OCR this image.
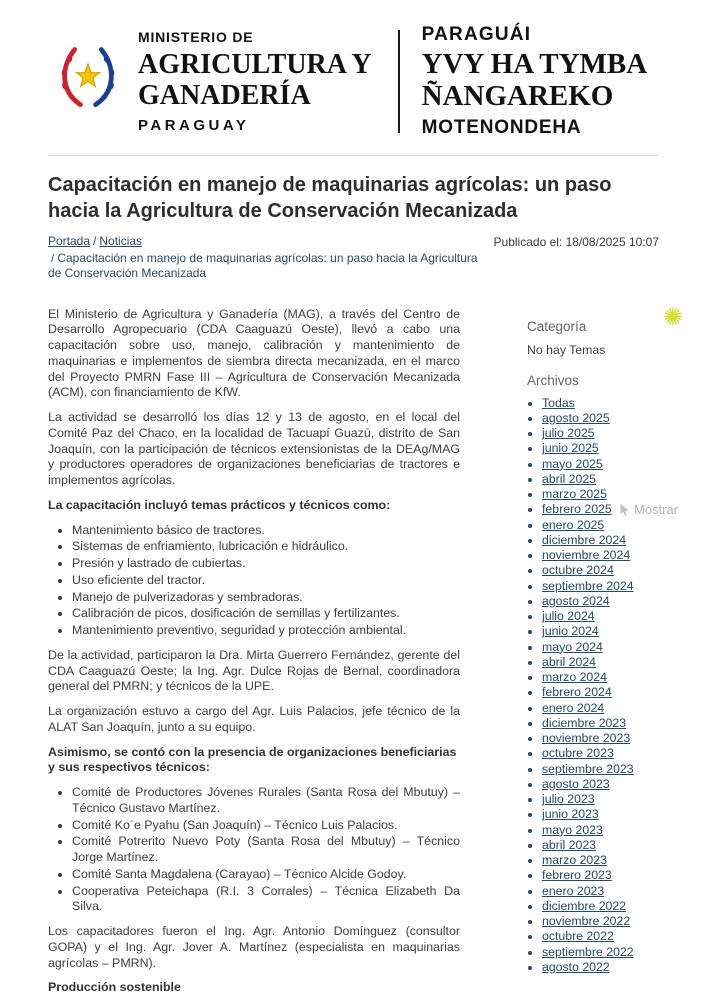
MINISTERIO DE
AGRICULTURA Y
GANADERÍA
PARAGUAY
PARAGUÁI
YVY HA TYMBA
ÑANGAREKO
MOTENONDEHA
Capacitación en manejo de maquinarias agrícolas: un paso hacia la Agricultura de Conservación Mecanizada
Portada / Noticias
/ Capacitación en manejo de maquinarias agrícolas: un paso hacia la Agricultura de Conservación Mecanizada
Publicado el: 18/08/2025 10:07

El Ministerio de Agricultura y Ganadería (MAG), a través del Centro de Desarrollo Agropecuario (CDA Caaguazú Oeste), llevó a cabo una capacitación sobre uso, manejo, calibración y mantenimiento de maquinarias e implementos de siembra directa mecanizada, en el marco del Proyecto PMRN Fase III – Agricultura de Conservación Mecanizada (ACM), con financiamiento de KfW.

La actividad se desarrolló los días 12 y 13 de agosto, en el local del Comité Paz del Chaco, en la localidad de Tacuapí Guazú, distrito de San Joaquín, con la participación de técnicos extensionistas de la DEAg/MAG y productores operadores de organizaciones beneficiarias de tractores e implementos agrícolas.

La capacitación incluyó temas prácticos y técnicos como:

• Mantenimiento básico de tractores.
• Sistemas de enfriamiento, lubricación e hidráulico.
• Presión y lastrado de cubiertas.
• Uso eficiente del tractor.
• Manejo de pulverizadoras y sembradoras.
• Calibración de picos, dosificación de semillas y fertilizantes.
• Mantenimiento preventivo, seguridad y protección ambiental.

De la actividad, participaron la Dra. Mirta Guerrero Fernández, gerente del CDA Caaguazú Oeste; la Ing. Agr. Dulce Rojas de Bernal, coordinadora general del PMRN; y técnicos de la UPE.

La organización estuvo a cargo del Agr. Luis Palacios, jefe técnico de la ALAT San Joaquín, junto a su equipo.

Asimismo, se contó con la presencia de organizaciones beneficiarias y sus respectivos técnicos:

• Comité de Productores Jóvenes Rurales (Santa Rosa del Mbutuy) – Técnico Gustavo Martínez.
• Comité Ko´e Pyahu (San Joaquín) – Técnico Luis Palacios.
• Comité Potrerito Nuevo Poty (Santa Rosa del Mbutuy) – Técnico Jorge Martínez.
• Comité Santa Magdalena (Carayao) – Técnico Alcide Godoy.
• Cooperativa Peteichapa (R.I. 3 Corrales) – Técnica Elizabeth Da Silva.

Los capacitadores fueron el Ing. Agr. Antonio Domínguez (consultor GOPA) y el Ing. Agr. Jover A. Martínez (especialista en maquinarias agrícolas – PMRN).

Producción sostenible

Categoría

No hay Temas

Archivos
• Todas
• agosto 2025
• julio 2025
• junio 2025
• mayo 2025
• abril 2025
• marzo 2025
• febrero 2025
• enero 2025
• diciembre 2024
• noviembre 2024
• octubre 2024
• septiembre 2024
• agosto 2024
• julio 2024
• junio 2024
• mayo 2024
• abril 2024
• marzo 2024
• febrero 2024
• enero 2024
• diciembre 2023
• noviembre 2023
• octubre 2023
• septiembre 2023
• agosto 2023
• julio 2023
• junio 2023
• mayo 2023
• abril 2023
• marzo 2023
• febrero 2023
• enero 2023
• diciembre 2022
• noviembre 2022
• octubre 2022
• septiembre 2022
• agosto 2022
✺
Mostrar
